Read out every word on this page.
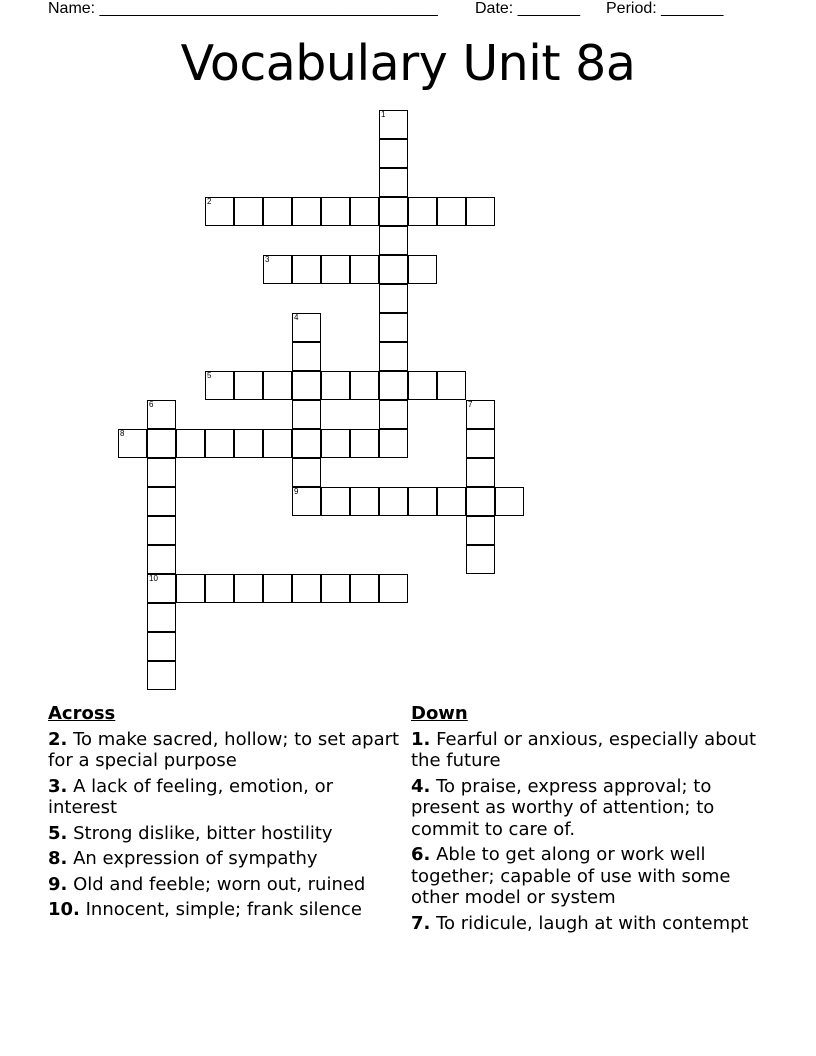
Name: ______________________________________ Date: _______ Period: _______
Vocabulary Unit 8a
1
2
3
4
5
6
10
7
8
9
Across
2. To make sacred, hollow; to set apart for a special purpose
3. A lack of feeling, emotion, or interest
5. Strong dislike, bitter hostility
8. An expression of sympathy
9. Old and feeble; worn out, ruined
10. Innocent, simple; frank silence
Down
1. Fearful or anxious, especially about the future
4. To praise, express approval; to present as worthy of attention; to commit to care of.
6. Able to get along or work well together; capable of use with some other model or system
7. To ridicule, laugh at with contempt
